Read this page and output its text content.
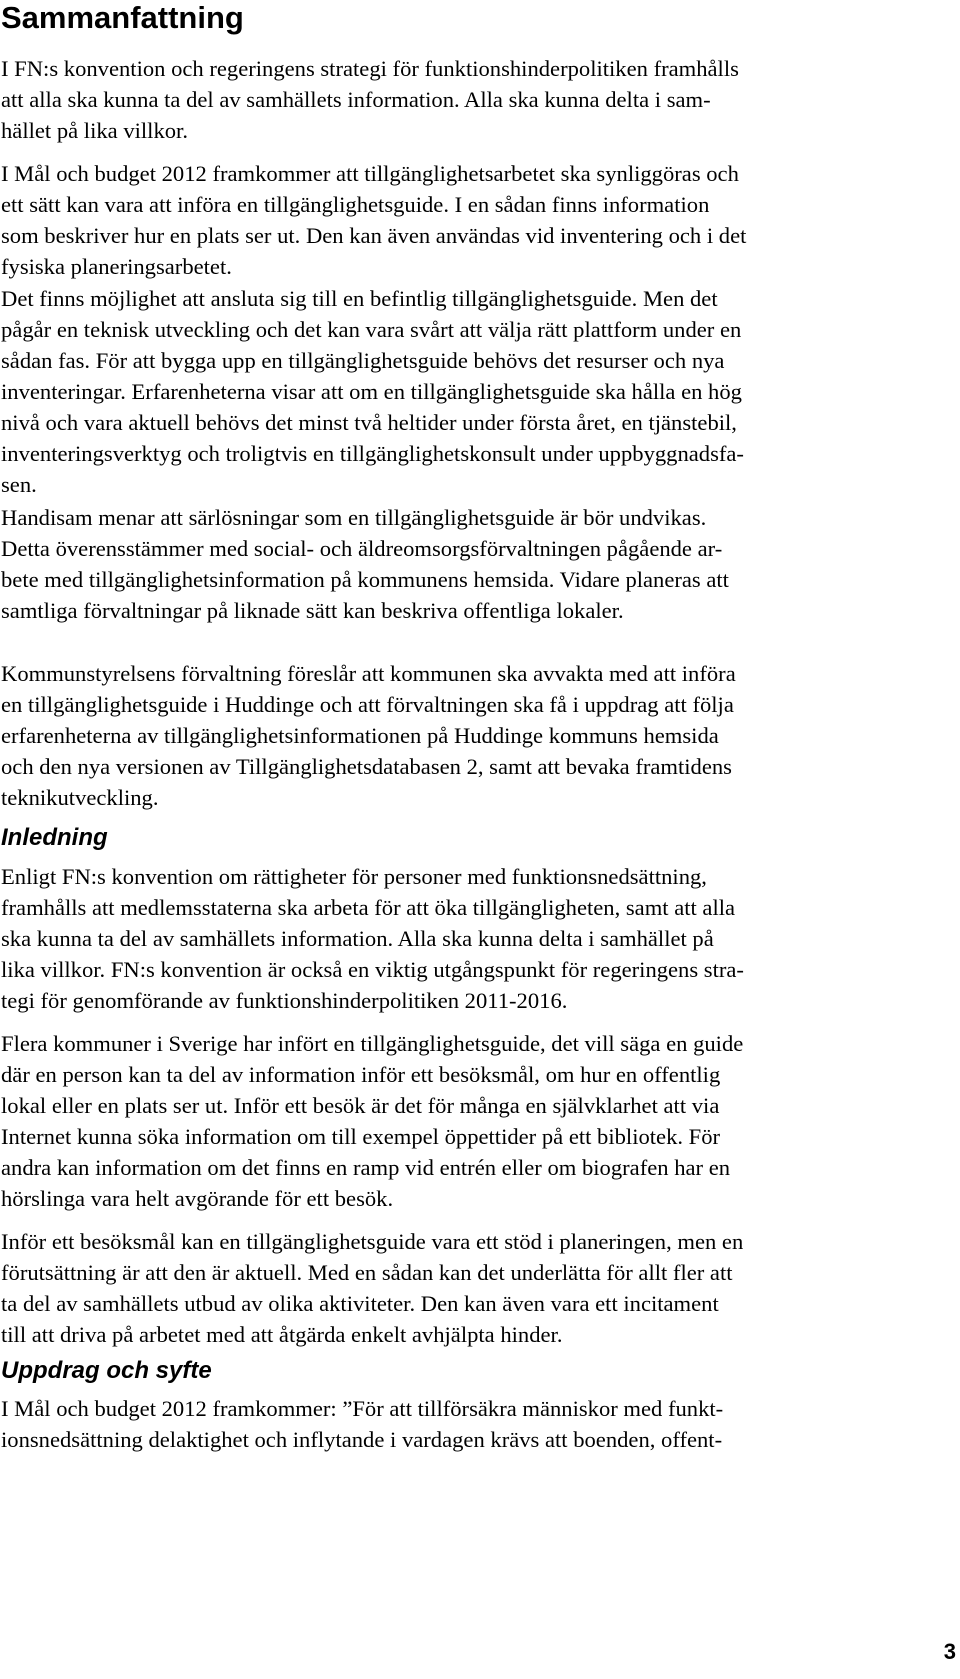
Sammanfattning

I FN:s konvention och regeringens strategi för funktionshinderpolitiken framhålls
att alla ska kunna ta del av samhällets information. Alla ska kunna delta i sam-
hället på lika villkor.

I Mål och budget 2012 framkommer att tillgänglighetsarbetet ska synliggöras och
ett sätt kan vara att införa en tillgänglighetsguide. I en sådan finns information
som beskriver hur en plats ser ut. Den kan även användas vid inventering och i det
fysiska planeringsarbetet.

Det finns möjlighet att ansluta sig till en befintlig tillgänglighetsguide. Men det
pågår en teknisk utveckling och det kan vara svårt att välja rätt plattform under en
sådan fas. För att bygga upp en tillgänglighetsguide behövs det resurser och nya
inventeringar. Erfarenheterna visar att om en tillgänglighetsguide ska hålla en hög
nivå och vara aktuell behövs det minst två heltider under första året, en tjänstebil,
inventeringsverktyg och troligtvis en tillgänglighetskonsult under uppbyggnadsfa-
sen.

Handisam menar att särlösningar som en tillgänglighetsguide är bör undvikas.
Detta överensstämmer med social- och äldreomsorgsförvaltningen pågående ar-
bete med tillgänglighetsinformation på kommunens hemsida. Vidare planeras att
samtliga förvaltningar på liknade sätt kan beskriva offentliga lokaler.

Kommunstyrelsens förvaltning föreslår att kommunen ska avvakta med att införa
en tillgänglighetsguide i Huddinge och att förvaltningen ska få i uppdrag att följa
erfarenheterna av tillgänglighetsinformationen på Huddinge kommuns hemsida
och den nya versionen av Tillgänglighetsdatabasen 2, samt att bevaka framtidens
teknikutveckling.

Inledning

Enligt FN:s konvention om rättigheter för personer med funktionsnedsättning,
framhålls att medlemsstaterna ska arbeta för att öka tillgängligheten, samt att alla
ska kunna ta del av samhällets information. Alla ska kunna delta i samhället på
lika villkor. FN:s konvention är också en viktig utgångspunkt för regeringens stra-
tegi för genomförande av funktionshinderpolitiken 2011-2016.

Flera kommuner i Sverige har infört en tillgänglighetsguide, det vill säga en guide
där en person kan ta del av information inför ett besöksmål, om hur en offentlig
lokal eller en plats ser ut. Inför ett besök är det för många en självklarhet att via
Internet kunna söka information om till exempel öppettider på ett bibliotek. För
andra kan information om det finns en ramp vid entrén eller om biografen har en
hörslinga vara helt avgörande för ett besök.

Inför ett besöksmål kan en tillgänglighetsguide vara ett stöd i planeringen, men en
förutsättning är att den är aktuell. Med en sådan kan det underlätta för allt fler att
ta del av samhällets utbud av olika aktiviteter. Den kan även vara ett incitament
till att driva på arbetet med att åtgärda enkelt avhjälpta hinder.

Uppdrag och syfte

I Mål och budget 2012 framkommer: ”För att tillförsäkra människor med funkt-
ionsnedsättning delaktighet och inflytande i vardagen krävs att boenden, offent-

3
